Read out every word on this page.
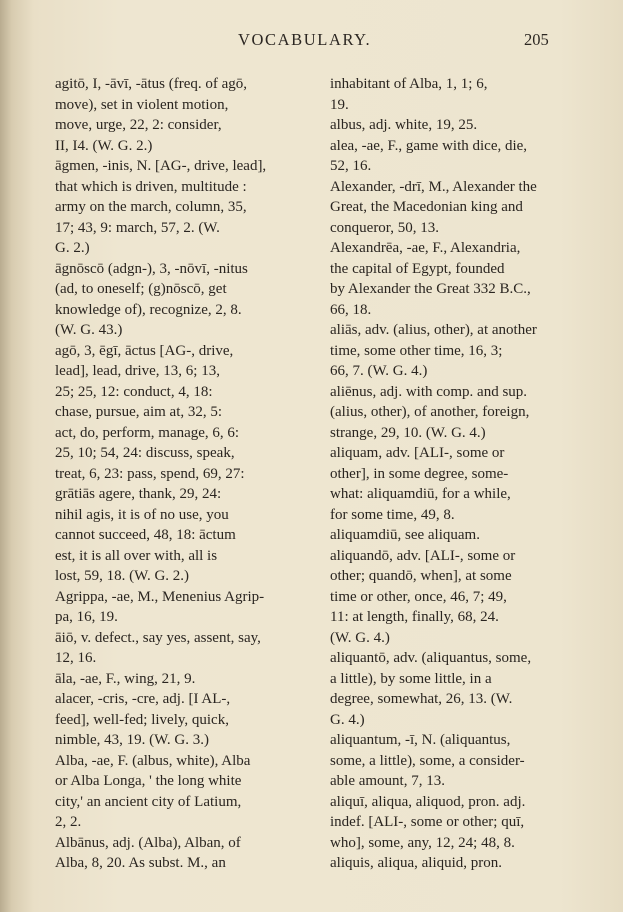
VOCABULARY.	205
agitō, I, -āvī, -ātus (freq. of agō,
move), set in violent motion,
move, urge, 22, 2: consider,
II, I4. (W. G. 2.)
āgmen, -inis, N. [AG-, drive, lead],
that which is driven, multitude :
army on the march, column, 35,
17; 43, 9: march, 57, 2. (W.
G. 2.)
āgnōscō (adgn-), 3, -nōvī, -nitus
(ad, to oneself; (g)nōscō, get
knowledge of), recognize, 2, 8.
(W. G. 43.)
agō, 3, ēgī, āctus [AG-, drive,
lead], lead, drive, 13, 6; 13,
25; 25, 12: conduct, 4, 18:
chase, pursue, aim at, 32, 5:
act, do, perform, manage, 6, 6:
25, 10; 54, 24: discuss, speak,
treat, 6, 23: pass, spend, 69, 27:
grātiās agere, thank, 29, 24:
nihil agis, it is of no use, you
cannot succeed, 48, 18: āctum
est, it is all over with, all is
lost, 59, 18. (W. G. 2.)
Agrippa, -ae, M., Menenius Agrip-
pa, 16, 19.
āiō, v. defect., say yes, assent, say,
12, 16.
āla, -ae, F., wing, 21, 9.
alacer, -cris, -cre, adj. [I AL-,
feed], well-fed; lively, quick,
nimble, 43, 19. (W. G. 3.)
Alba, -ae, F. (albus, white), Alba
or Alba Longa, ' the long white
city,' an ancient city of Latium,
2, 2.
Albānus, adj. (Alba), Alban, of
Alba, 8, 20. As subst. M., an
inhabitant of Alba, 1, 1; 6,
19.
albus, adj. white, 19, 25.
alea, -ae, F., game with dice, die,
52, 16.
Alexander, -drī, M., Alexander the
Great, the Macedonian king and
conqueror, 50, 13.
Alexandrēa, -ae, F., Alexandria,
the capital of Egypt, founded
by Alexander the Great 332 B.C.,
66, 18.
aliās, adv. (alius, other), at another
time, some other time, 16, 3;
66, 7. (W. G. 4.)
aliēnus, adj. with comp. and sup.
(alius, other), of another, foreign,
strange, 29, 10. (W. G. 4.)
aliquam, adv. [ALI-, some or
other], in some degree, some-
what: aliquamdiū, for a while,
for some time, 49, 8.
aliquamdiū, see aliquam.
aliquandō, adv. [ALI-, some or
other; quandō, when], at some
time or other, once, 46, 7; 49,
11: at length, finally, 68, 24.
(W. G. 4.)
aliquantō, adv. (aliquantus, some,
a little), by some little, in a
degree, somewhat, 26, 13. (W.
G. 4.)
aliquantum, -ī, N. (aliquantus,
some, a little), some, a consider-
able amount, 7, 13.
aliquī, aliqua, aliquod, pron. adj.
indef. [ALI-, some or other; quī,
who], some, any, 12, 24; 48, 8.
aliquis, aliqua, aliquid, pron.
